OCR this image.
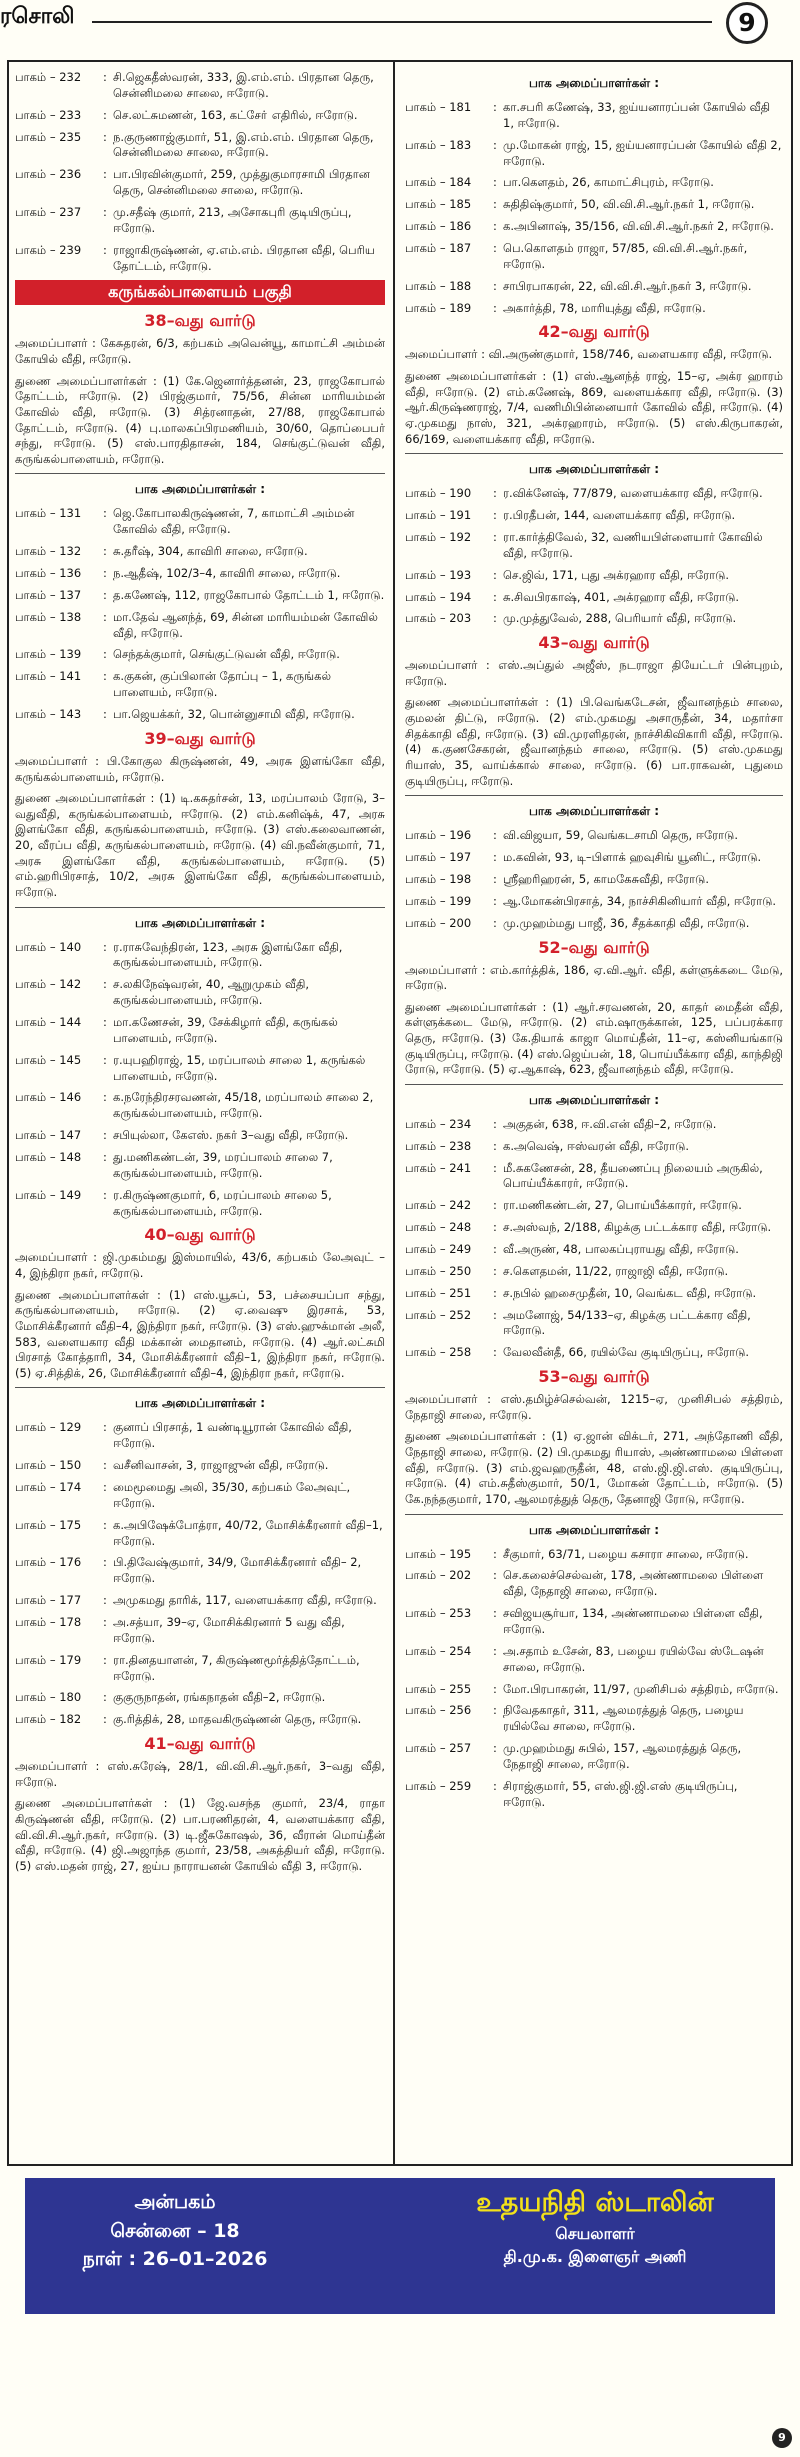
ரசொலி	9
பாகம் – 232	: சி.ஜெகதீஸ்வரன், 333, இ.எம்.எம். பிரதான தெரு, சென்னிமலை சாலை, ஈரோடு.
பாகம் – 233	: செ.லட்சுமணன், 163, கட்சோ் எதிரில், ஈரோடு.
பாகம் – 235	: ந.குருணாஜ்குமார், 51, இ.எம்.எம். பிரதான தெரு, சென்னிமலை சாலை, ஈரோடு.
பாகம் – 236	: பா.பிரவின்குமார், 259, முத்துகுமாரசாமி பிரதான தெரு, சென்னிமலை சாலை, ஈரோடு.
பாகம் – 237	: மு.சதீஷ் குமார், 213, அசோகபுரி குடியிருப்பு, ஈரோடு.
பாகம் – 239	: ராஜாகிருஷ்ணன், ஏ.எம்.எம். பிரதான வீதி, பெரிய தோட்டம், ஈரோடு.
கருங்கல்பாளையம் பகுதி
38–வது வார்டு

அமைப்பாளர் : கேசுதரன், 6/3, கற்பகம் அவென்யூ, காமாட்சி அம்மன் கோயில் வீதி, ஈரோடு.

துணை அமைப்பாளர்கள் : (1) கே.ஜெனார்த்தனன், 23, ராஜகோபால் தோட்டம், ஈரோடு. (2) பிரஜ்குமார், 75/56, சின்ன மாரியம்மன் கோவில் வீதி, ஈரோடு. (3) சித்ரனாதன், 27/88, ராஜகோபால் தோட்டம், ஈரோடு. (4) பு.மாலகப்பிரமணியம், 30/60, தொப்பைபர் சந்து, ஈரோடு. (5) எஸ்.பாரதிதாசன், 184, செங்குட்டுவன் வீதி, கருங்கல்பாளையம், ஈரோடு.

பாக அமைப்பாளர்கள் :
பாகம் – 131	: ஜெ.கோபாலகிருஷ்ணன், 7, காமாட்சி அம்மன் கோவில் வீதி, ஈரோடு.
பாகம் – 132	: சு.தரீஷ், 304, காவிரி சாலை, ஈரோடு.
பாகம் – 136	: ந.ஆதீஷ், 102/3–4, காவிரி சாலை, ஈரோடு.
பாகம் – 137	: த.கணேஷ், 112, ராஜகோபால் தோட்டம் 1, ஈரோடு.
பாகம் – 138	: மா.தேவ் ஆனந்த், 69, சின்ன மாரியம்மன் கோவில் வீதி, ஈரோடு.
பாகம் – 139	: செந்தக்குமார், செங்குட்டுவன் வீதி, ஈரோடு.
பாகம் – 141	: க.குகன், குப்பிலான் தோப்பு – 1, கருங்கல் பாளையம், ஈரோடு.
பாகம் – 143	: பா.ஜெயக்கர், 32, பொன்னுசாமி வீதி, ஈரோடு.
39–வது வார்டு

அமைப்பாளர் : பி.கோகுல கிருஷ்ணன், 49, அரசு இளங்கோ வீதி, கருங்கல்பாளையம், ஈரோடு.

துணை அமைப்பாளர்கள் : (1) டி.கசுதர்சன், 13, மரப்பாலம் ரோடு, 3–வதுவீதி, கருங்கல்பாளையம், ஈரோடு. (2) எம்.கனிஷ்க், 47, அரசு இளங்கோ வீதி, கருங்கல்பாளையம், ஈரோடு. (3) எஸ்.கலைவாணன், 20, வீரப்ப வீதி, கருங்கல்பாளையம், ஈரோடு. (4) வி.நவீன்குமார், 71, அரசு இளங்கோ வீதி, கருங்கல்பாளையம், ஈரோடு. (5) எம்.ஹரிபிரசாத், 10/2, அரசு இளங்கோ வீதி, கருங்கல்பாளையம், ஈரோடு.

பாக அமைப்பாளர்கள் :
பாகம் – 140	: ர.ராசுவேந்திரன், 123, அரசு இளங்கோ வீதி, கருங்கல்பாளையம், ஈரோடு.
பாகம் – 142	: ச.லகிநேஷ்வரன், 40, ஆறுமுகம் வீதி, கருங்கல்பாளையம், ஈரோடு.
பாகம் – 144	: மா.கணேசன், 39, சேக்கிழார் வீதி, கருங்கல் பாளையம், ஈரோடு.
பாகம் – 145	: ர.யுபஹிராஜ், 15, மரப்பாலம் சாலை 1, கருங்கல் பாளையம், ஈரோடு.
பாகம் – 146	: க.நரேந்திரசரவணன், 45/18, மரப்பாலம் சாலை 2, கருங்கல்பாளையம், ஈரோடு.
பாகம் – 147	: சபியுல்லா, கேஎஸ். நகர் 3–வது வீதி, ஈரோடு.
பாகம் – 148	: து.மணிகண்டன், 39, மரப்பாலம் சாலை 7, கருங்கல்பாளையம், ஈரோடு.
பாகம் – 149	: ர.கிருஷ்ணகுமார், 6, மரப்பாலம் சாலை 5, கருங்கல்பாளையம், ஈரோடு.
40–வது வார்டு

அமைப்பாளர் : ஜி.முகம்மது இஸ்மாயில், 43/6, கற்பகம் லேஅவுட் – 4, இந்திரா நகர், ஈரோடு.

துணை அமைப்பாளர்கள் : (1) எஸ்.யூசுப், 53, பச்சையப்பா சந்து, கருங்கல்பாளையம், ஈரோடு. (2) ஏ.வைஷு இரசாக், 53, மோசிக்கீரனார் வீதி–4, இந்திரா நகர், ஈரோடு. (3) எஸ்.ஹுக்மான் அலீ, 583, வளையகார வீதி மக்கான் மைதானம், ஈரோடு. (4) ஆர்.லட்சுமி பிரசாத் கோத்தாரி, 34, மோசிக்கீரனார் வீதி–1, இந்திரா நகர், ஈரோடு. (5) ஏ.சித்திக், 26, மோசிக்கீரனார் வீதி–4, இந்திரா நகர், ஈரோடு.

பாக அமைப்பாளர்கள் :
பாகம் – 129	: குனாப் பிரசாத், 1 வண்டியூரான் கோவில் வீதி, ஈரோடு.
பாகம் – 150	: வசீனிவாசன், 3, ராஜாஜுன் வீதி, ஈரோடு.
பாகம் – 174	: மைமூமைது அலி, 35/30, கற்பகம் லேஅவுட், ஈரோடு.
பாகம் – 175	: க.அபிஷேக்போத்ரா, 40/72, மோசிக்கீரனார் வீதி–1, ஈரோடு.
பாகம் – 176	: பி.திவேஷ்குமார், 34/9, மோசிக்கீரனார் வீதி– 2, ஈரோடு.
பாகம் – 177	: அமுகமது தாரிக், 117, வளையக்கார வீதி, ஈரோடு.
பாகம் – 178	: அ.சத்யா, 39–ஏ, மோசிக்கிரனார் 5 வது வீதி, ஈரோடு.
பாகம் – 179	: ரா.தினதயாளன், 7, கிருஷ்ணமூர்த்தித்தோட்டம், ஈரோடு.
பாகம் – 180	: குகுருநாதன், ரங்கநாதன் வீதி–2, ஈரோடு.
பாகம் – 182	: கு.ரித்திக், 28, மாதவகிருஷ்ணன் தெரு, ஈரோடு.
41–வது வார்டு

அமைப்பாளர் : எஸ்.சுரேஷ், 28/1, வி.வி.சி.ஆர்.நகர், 3–வது வீதி, ஈரோடு.

துணை அமைப்பாளர்கள் : (1) ஜே.வசந்த குமார், 23/4, ராதா கிருஷ்ணன் வீதி, ஈரோடு. (2) பா.பரணிதரன், 4, வளையக்கார வீதி, வி.வி.சி.ஆர்.நகர், ஈரோடு. (3) டி.ஜீசுகோஷல், 36, வீரான் மொய்தீன் வீதி, ஈரோடு. (4) ஜி.அஜாந்த குமார், 23/58, அகத்தியர் வீதி, ஈரோடு. (5) எஸ்.மதன் ராஜ், 27, ஐய்ப நாராயனன் கோயில் வீதி 3, ஈரோடு.

பாக அமைப்பாளர்கள் :
பாகம் – 181	: கா.சபரி கணேஷ், 33, ஐய்யனாரப்பன் கோயில் வீதி 1, ஈரோடு.
பாகம் – 183	: மு.மோகன் ராஜ், 15, ஐய்யனாரப்பன் கோயில் வீதி 2, ஈரோடு.
பாகம் – 184	: பா.கௌதம், 26, காமாட்சிபுரம், ஈரோடு.
பாகம் – 185	: சுதிதிஷ்குமார், 50, வி.வி.சி.ஆர்.நகர் 1, ஈரோடு.
பாகம் – 186	: க.அபினாஷ், 35/156, வி.வி.சி.ஆர்.நகர் 2, ஈரோடு.
பாகம் – 187	: பெ.கொளதம் ராஜா, 57/85, வி.வி.சி.ஆர்.நகர், ஈரோடு.
பாகம் – 188	: சாபிரபாகரன், 22, வி.வி.சி.ஆர்.நகர் 3, ஈரோடு.
பாகம் – 189	: அகார்த்தி, 78, மாரியுத்து வீதி, ஈரோடு.
42–வது வார்டு

அமைப்பாளர் : வி.அருண்குமார், 158/746, வளையகார வீதி, ஈரோடு.

துணை அமைப்பாளர்கள் : (1) எஸ்.ஆனந்த் ராஜ், 15–ஏ, அக்ர ஹாரம் வீதி, ஈரோடு. (2) எம்.கணேஷ், 869, வளையக்கார வீதி, ஈரோடு. (3) ஆர்.கிருஷ்ணராஜ், 7/4, வணிமிபின்னையார் கோவில் வீதி, ஈரோடு. (4) ஏ.முகமது நாஸ், 321, அக்ரஹாரம், ஈரோடு. (5) எஸ்.கிருபாகரன், 66/169, வளையக்கார வீதி, ஈரோடு.

பாக அமைப்பாளர்கள் :
பாகம் – 190	: ர.விக்னேஷ், 77/879, வளையக்கார வீதி, ஈரோடு.
பாகம் – 191	: ர.பிரதீபன், 144, வளையக்கார வீதி, ஈரோடு.
பாகம் – 192	: ரா.கார்த்திவேல், 32, வணியபிள்ளையார் கோவில் வீதி, ஈரோடு.
பாகம் – 193	: செ.ஜிவ், 171, புது அக்ரஹார வீதி, ஈரோடு.
பாகம் – 194	: சு.சிவபிரகாஷ், 401, அக்ரஹார வீதி, ஈரோடு.
பாகம் – 203	: மு.முத்துவேல், 288, பெரியார் வீதி, ஈரோடு.
43–வது வார்டு

அமைப்பாளர் : எஸ்.அப்துல் அஜீஸ், நடராஜா தியேட்டர் பின்புறம், ஈரோடு.

துணை அமைப்பாளர்கள் : (1) பி.வெங்கடேசன், ஜீவானந்தம் சாலை, குமலன் திட்டு, ஈரோடு. (2) எம்.முகமது அசாருதீன், 34, மதார்சா சிதக்காதி வீதி, ஈரோடு. (3) வி.முரளிதரன், நாச்சிகிவிகாரி வீதி, ஈரோடு. (4) க.குணசேகரன், ஜீவானந்தம் சாலை, ஈரோடு. (5) எஸ்.முகமது ரியாஸ், 35, வாய்க்கால் சாலை, ஈரோடு. (6) பா.ராகவன், புதுமை குடியிருப்பு, ஈரோடு.

பாக அமைப்பாளர்கள் :
பாகம் – 196	: வி.விஜயா, 59, வெங்கடசாமி தெரு, ஈரோடு.
பாகம் – 197	: ம.கவின், 93, டி–பிளாக் ஹவுசிங் யூனிட், ஈரோடு.
பாகம் – 198	: ஸ்ரீஹரிஹரன், 5, காமகேசுவீதி, ஈரோடு.
பாகம் – 199	: ஆ.மோகன்பிரசாத், 34, நாச்சிகினியார் வீதி, ஈரோடு.
பாகம் – 200	: மு.முஹம்மது பாஜீ, 36, சீதக்காதி வீதி, ஈரோடு.
52–வது வார்டு

அமைப்பாளர் : எம்.கார்த்திக், 186, ஏ.வி.ஆர். வீதி, கள்ளுக்கடை மேடு, ஈரோடு.

துணை அமைப்பாளர்கள் : (1) ஆர்.சரவணன், 20, காதர் மைதீன் வீதி, கள்ளுக்கடை மேடு, ஈரோடு. (2) எம்.ஷாருக்கான், 125, பப்பரக்கார தெரு, ஈரோடு. (3) கே.தியாக் காஜா மொய்தீன், 11–ஏ, கஸ்னியங்காடு குடியிருப்பு, ஈரோடு. (4) எஸ்.ஜெய்பன், 18, பொய்யீக்கார வீதி, காந்திஜி ரோடு, ஈரோடு. (5) ஏ.ஆகாஷ், 623, ஜீவானந்தம் வீதி, ஈரோடு.

பாக அமைப்பாளர்கள் :
பாகம் – 234	: அகுதன், 638, ஈ.வி.என் வீதி–2, ஈரோடு.
பாகம் – 238	: க.அவெஷ், ஈஸ்வரன் வீதி, ஈரோடு.
பாகம் – 241	: மீ.சுகணேசன், 28, தீயணைப்பு நிலையம் அருகில், பொய்யீக்காரர், ஈரோடு.
பாகம் – 242	: ரா.மணிகண்டன், 27, பொய்யீக்காரர், ஈரோடு.
பாகம் – 248	: ச.அஸ்வந், 2/188, கிழக்கு பட்டக்கார வீதி, ஈரோடு.
பாகம் – 249	: வீ.அருண், 48, பாலகப்புராயது வீதி, ஈரோடு.
பாகம் – 250	: ச.கௌதமன், 11/22, ராஜாஜி வீதி, ஈரோடு.
பாகம் – 251	: ச.நபில் ஹசைமுதீன், 10, வெங்கட வீதி, ஈரோடு.
பாகம் – 252	: அமனோஜ், 54/133–ஏ, கிழக்கு பட்டக்கார வீதி, ஈரோடு.
பாகம் – 258	: வேலவீன்தீ, 66, ரயில்வே குடியிருப்பு, ஈரோடு.
53–வது வார்டு

அமைப்பாளர் : எஸ்.தமிழ்ச்செல்வன், 1215–ஏ, முனிசிபல் சத்திரம், நேதாஜி சாலை, ஈரோடு.

துணை அமைப்பாளர்கள் : (1) ஏ.ஜான் விக்டர், 271, அந்தோணி வீதி, நேதாஜி சாலை, ஈரோடு. (2) பி.முகமது ரியாஸ், அண்ணாமலை பிள்ளை வீதி, ஈரோடு. (3) எம்.ஜவஹருதீன், 48, எஸ்.ஜி.ஜி.எஸ். குடியிருப்பு, ஈரோடு. (4) எம்.சுதீஸ்குமார், 50/1, மோகன் தோட்டம், ஈரோடு. (5) கே.நந்தகுமார், 170, ஆலமரத்துத் தெரு, தேனாஜி ரோடு, ஈரோடு.

பாக அமைப்பாளர்கள் :
பாகம் – 195	: சீகுமார், 63/71, பழைய சுசாரா சாலை, ஈரோடு.
பாகம் – 202	: செ.கலைச்செல்வன், 178, அண்ணாமலை பிள்ளை வீதி, நேதாஜி சாலை, ஈரோடு.
பாகம் – 253	: சவிஜயசூர்யா, 134, அண்ணாமலை பிள்ளை வீதி, ஈரோடு.
பாகம் – 254	: அ.சதாம் உசேன், 83, பழைய ரயில்வே ஸ்டேஷன் சாலை, ஈரோடு.
பாகம் – 255	: மோ.பிரபாகரன், 11/97, முனிசிபல் சத்திரம், ஈரோடு.
பாகம் – 256	: நிவேதகாதர், 311, ஆலமரத்துத் தெரு, பழைய ரயில்வே சாலை, ஈரோடு.
பாகம் – 257	: மு.முஹம்மது சுபில், 157, ஆலமரத்துத் தெரு, நேதாஜி சாலை, ஈரோடு.
பாகம் – 259	: சிராஜ்குமார், 55, எஸ்.ஜி.ஜி.எஸ் குடியிருப்பு, ஈரோடு.
அன்பகம்
சென்னை – 18
நாள் : 26–01–2026
உதயநிதி ஸ்டாலின்
செயலாளர்
தி.மு.க. இளைஞர் அணி
9
